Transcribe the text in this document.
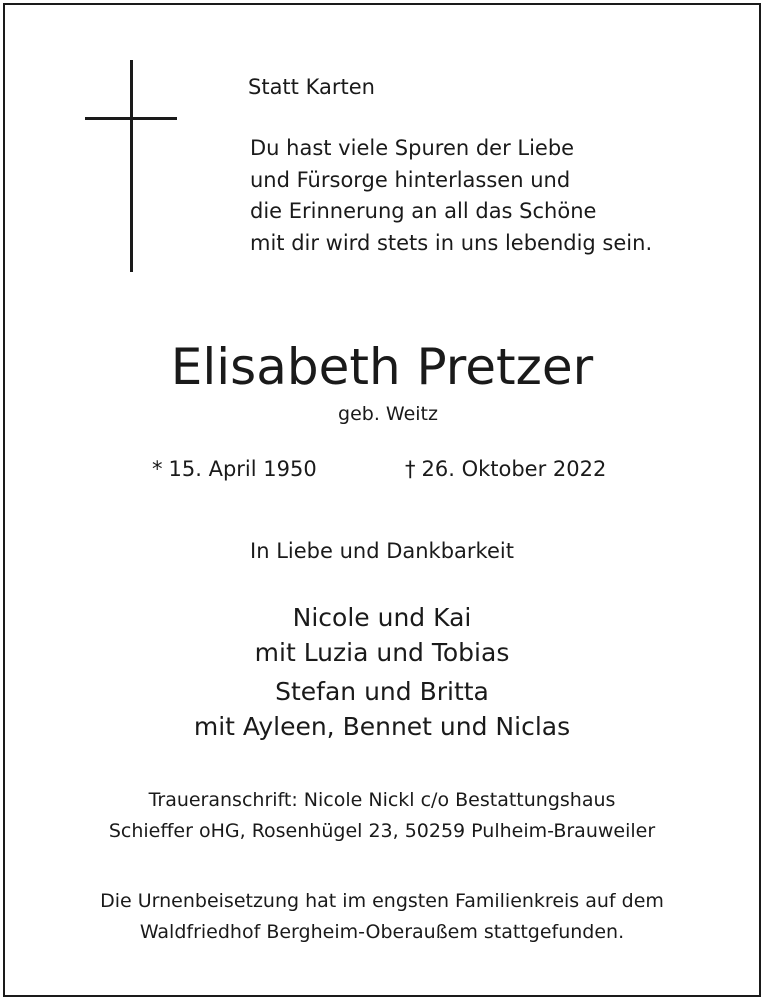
Statt Karten
Du hast viele Spuren der Liebe
und Fürsorge hinterlassen und
die Erinnerung an all das Schöne
mit dir wird stets in uns lebendig sein.
Elisabeth Pretzer
geb. Weitz
* 15. April 1950	† 26. Oktober 2022
In Liebe und Dankbarkeit
Nicole und Kai
mit Luzia und Tobias
Stefan und Britta
mit Ayleen, Bennet und Niclas
Traueranschrift: Nicole Nickl c/o Bestattungshaus
Schieffer oHG, Rosenhügel 23, 50259 Pulheim-Brauweiler
Die Urnenbeisetzung hat im engsten Familienkreis auf dem
Waldfriedhof Bergheim-Oberaußem stattgefunden.
